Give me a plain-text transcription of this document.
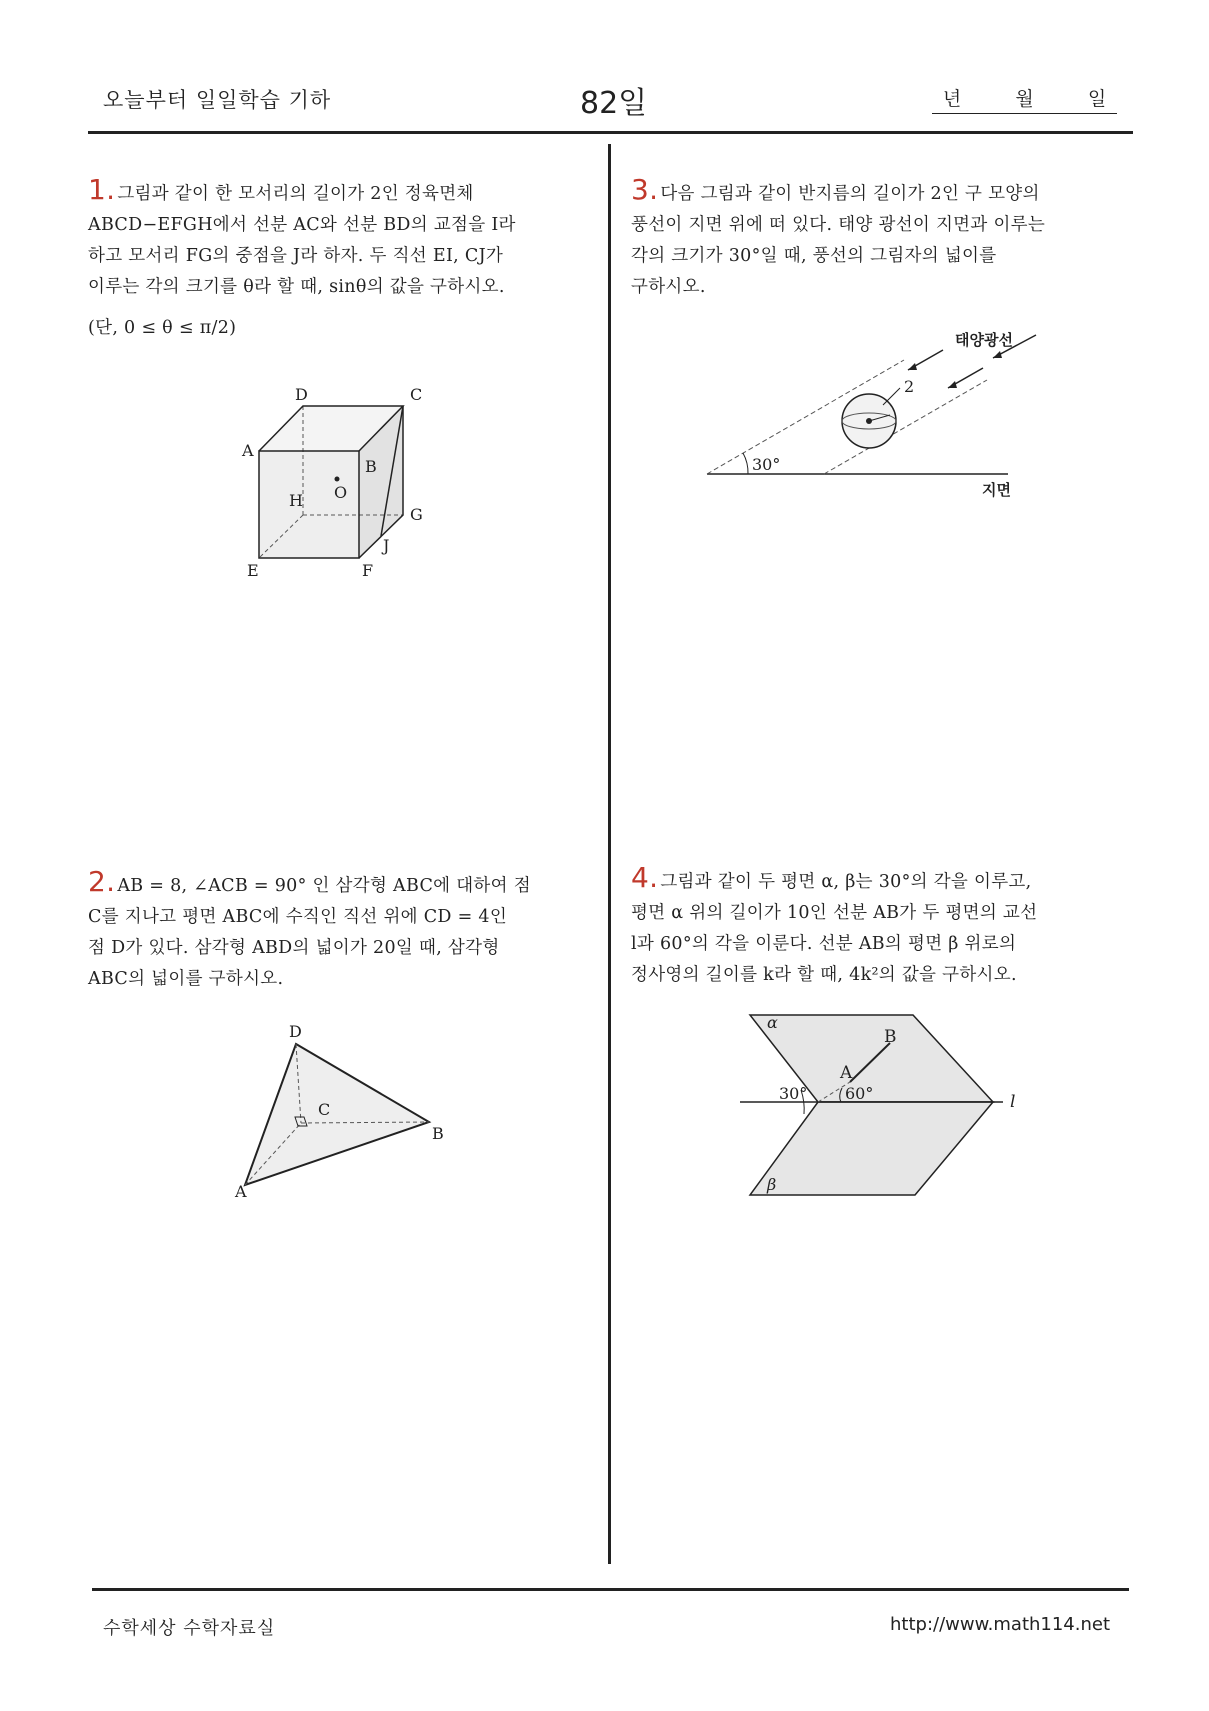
오늘부터 일일학습 기하	82일	년	월	일

1. 그림과 같이 한 모서리의 길이가 2인 정육면체

ABCD−EFGH에서 선분 AC와 선분 BD의 교점을 I라

하고 모서리 FG의 중점을 J라 하자. 두 직선 EI, CJ가

이루는 각의 크기를 θ라 할 때, sinθ의 값을 구하시오.

(단, 0 ≤ θ ≤ π/2)

D	C
A
B
O
H
G
J
E	F

2. AB = 8, ∠ACB = 90° 인 삼각형 ABC에 대하여 점

C를 지나고 평면 ABC에 수직인 직선 위에 CD = 4인

점 D가 있다. 삼각형 ABD의 넓이가 20일 때, 삼각형

ABC의 넓이를 구하시오.

D
C
B
A

3. 다음 그림과 같이 반지름의 길이가 2인 구 모양의

풍선이 지면 위에 떠 있다. 태양 광선이 지면과 이루는

각의 크기가 30°일 때, 풍선의 그림자의 넓이를

구하시오.

태양광선
2
30°
지면

4. 그림과 같이 두 평면 α, β는 30°의 각을 이루고,

평면 α 위의 길이가 10인 선분 AB가 두 평면의 교선

l과 60°의 각을 이룬다. 선분 AB의 평면 β 위로의

정사영의 길이를 k라 할 때, 4k²의 값을 구하시오.

α
β
A
B
30° 60°	l
수학세상 수학자료실	http://www.math114.net
